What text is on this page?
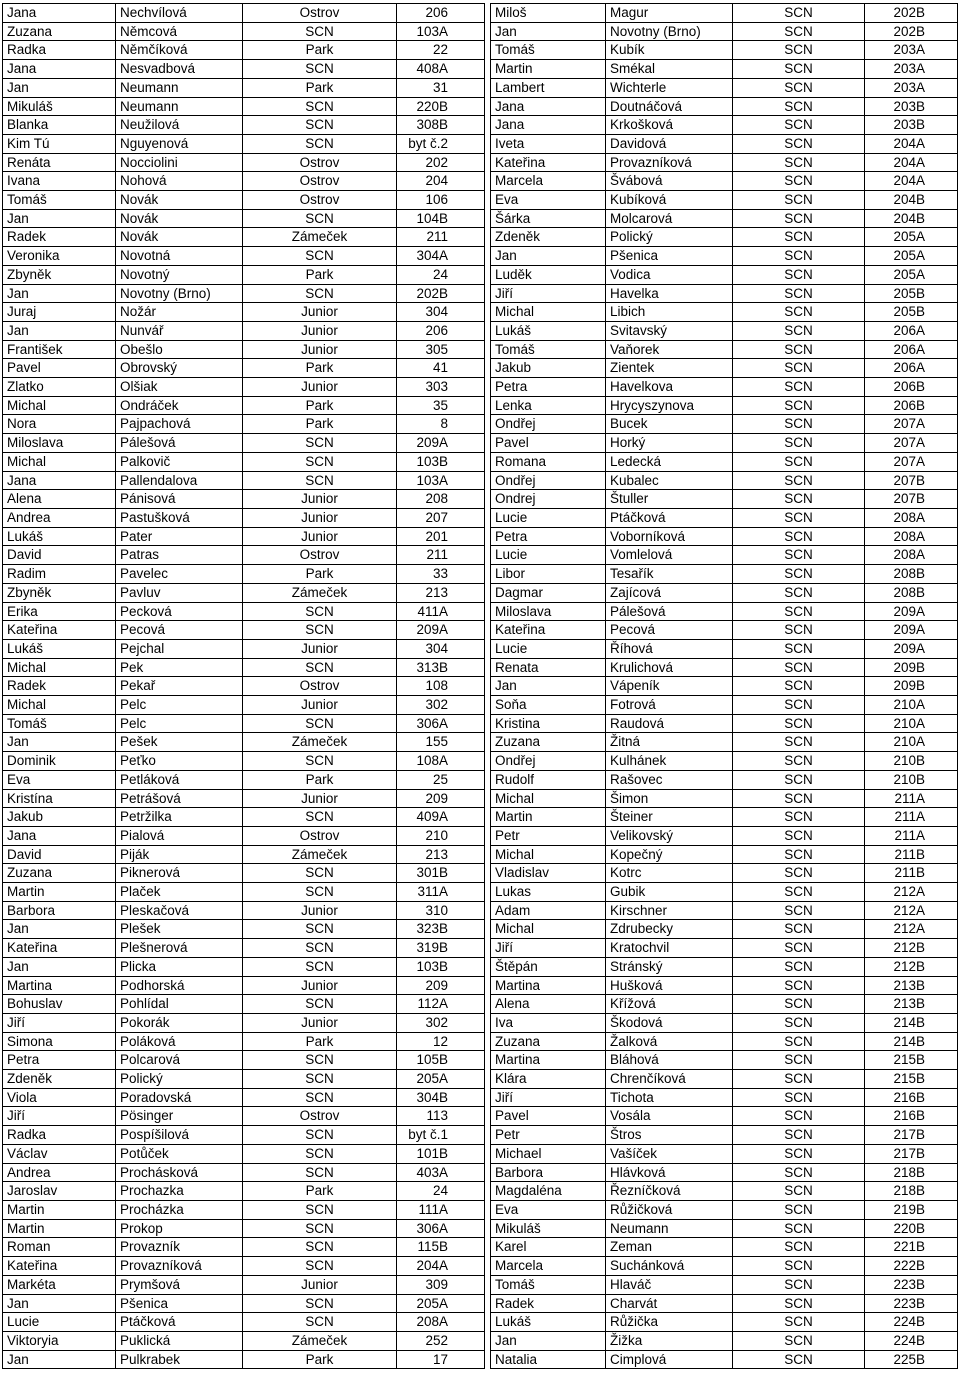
Jana	Nechvílová	Ostrov	206
Zuzana	Němcová	SCN	103A
Radka	Němčíková	Park	22
Jana	Nesvadbová	SCN	408A
Jan	Neumann	Park	31
Mikuláš	Neumann	SCN	220B
Blanka	Neužilová	SCN	308B
Kim Tú	Nguyenová	SCN	byt č.2
Renáta	Nocciolini	Ostrov	202
Ivana	Nohová	Ostrov	204
Tomáš	Novák	Ostrov	106
Jan	Novák	SCN	104B
Radek	Novák	Zámeček	211
Veronika	Novotná	SCN	304A
Zbyněk	Novotný	Park	24
Jan	Novotny (Brno)	SCN	202B
Juraj	Nožár	Junior	304
Jan	Nunvář	Junior	206
František	Obešlo	Junior	305
Pavel	Obrovský	Park	41
Zlatko	Olšiak	Junior	303
Michal	Ondráček	Park	35
Nora	Pajpachová	Park	8
Miloslava	Pálešová	SCN	209A
Michal	Palkovič	SCN	103B
Jana	Pallendalova	SCN	103A
Alena	Pánisová	Junior	208
Andrea	Pastušková	Junior	207
Lukáš	Pater	Junior	201
David	Patras	Ostrov	211
Radim	Pavelec	Park	33
Zbyněk	Pavluv	Zámeček	213
Erika	Pecková	SCN	411A
Kateřina	Pecová	SCN	209A
Lukáš	Pejchal	Junior	304
Michal	Pek	SCN	313B
Radek	Pekař	Ostrov	108
Michal	Pelc	Junior	302
Tomáš	Pelc	SCN	306A
Jan	Pešek	Zámeček	155
Dominik	Peťko	SCN	108A
Eva	Petláková	Park	25
Kristína	Petrášová	Junior	209
Jakub	Petržilka	SCN	409A
Jana	Pialová	Ostrov	210
David	Piják	Zámeček	213
Zuzana	Piknerová	SCN	301B
Martin	Plaček	SCN	311A
Barbora	Pleskačová	Junior	310
Jan	Plešek	SCN	323B
Kateřina	Plešnerová	SCN	319B
Jan	Plicka	SCN	103B
Martina	Podhorská	Junior	209
Bohuslav	Pohlídal	SCN	112A
Jiří	Pokorák	Junior	302
Simona	Poláková	Park	12
Petra	Polcarová	SCN	105B
Zdeněk	Polický	SCN	205A
Viola	Poradovská	SCN	304B
Jiří	Pösinger	Ostrov	113
Radka	Pospíšilová	SCN	byt č.1
Václav	Potůček	SCN	101B
Andrea	Prochásková	SCN	403A
Jaroslav	Prochazka	Park	24
Martin	Procházka	SCN	111A
Martin	Prokop	SCN	306A
Roman	Provazník	SCN	115B
Kateřina	Provazníková	SCN	204A
Markéta	Prymšová	Junior	309
Jan	Pšenica	SCN	205A
Lucie	Ptáčková	SCN	208A
Viktoryia	Puklická	Zámeček	252
Jan	Pulkrabek	Park	17
Miloš	Magur	SCN	202B
Jan	Novotny (Brno)	SCN	202B
Tomáš	Kubík	SCN	203A
Martin	Smékal	SCN	203A
Lambert	Wichterle	SCN	203A
Jana	Doutnáčová	SCN	203B
Jana	Krkošková	SCN	203B
Iveta	Davidová	SCN	204A
Kateřina	Provazníková	SCN	204A
Marcela	Švábová	SCN	204A
Eva	Kubíková	SCN	204B
Šárka	Molcarová	SCN	204B
Zdeněk	Polický	SCN	205A
Jan	Pšenica	SCN	205A
Luděk	Vodica	SCN	205A
Jiří	Havelka	SCN	205B
Michal	Libich	SCN	205B
Lukáš	Svitavský	SCN	206A
Tomáš	Vaňorek	SCN	206A
Jakub	Zientek	SCN	206A
Petra	Havelkova	SCN	206B
Lenka	Hrycyszynova	SCN	206B
Ondřej	Bucek	SCN	207A
Pavel	Horký	SCN	207A
Romana	Ledecká	SCN	207A
Ondřej	Kubalec	SCN	207B
Ondrej	Štuller	SCN	207B
Lucie	Ptáčková	SCN	208A
Petra	Voborníková	SCN	208A
Lucie	Vomlelová	SCN	208A
Libor	Tesařík	SCN	208B
Dagmar	Zajícová	SCN	208B
Miloslava	Pálešová	SCN	209A
Kateřina	Pecová	SCN	209A
Lucie	Říhová	SCN	209A
Renata	Krulichová	SCN	209B
Jan	Vápeník	SCN	209B
Soňa	Fotrová	SCN	210A
Kristina	Raudová	SCN	210A
Zuzana	Žitná	SCN	210A
Ondřej	Kulhánek	SCN	210B
Rudolf	Rašovec	SCN	210B
Michal	Šimon	SCN	211A
Martin	Šteiner	SCN	211A
Petr	Velikovský	SCN	211A
Michal	Kopečný	SCN	211B
Vladislav	Kotrc	SCN	211B
Lukas	Gubik	SCN	212A
Adam	Kirschner	SCN	212A
Michal	Zdrubecky	SCN	212A
Jiří	Kratochvil	SCN	212B
Štěpán	Stránský	SCN	212B
Martina	Hušková	SCN	213B
Alena	Křížová	SCN	213B
Iva	Škodová	SCN	214B
Zuzana	Žalková	SCN	214B
Martina	Bláhová	SCN	215B
Klára	Chrenčíková	SCN	215B
Jiří	Tichota	SCN	216B
Pavel	Vosála	SCN	216B
Petr	Štros	SCN	217B
Michael	Vašíček	SCN	217B
Barbora	Hlávková	SCN	218B
Magdaléna	Řezníčková	SCN	218B
Eva	Růžičková	SCN	219B
Mikuláš	Neumann	SCN	220B
Karel	Zeman	SCN	221B
Marcela	Suchánková	SCN	222B
Tomáš	Hlaváč	SCN	223B
Radek	Charvát	SCN	223B
Lukáš	Růžička	SCN	224B
Jan	Žižka	SCN	224B
Natalia	Cimplová	SCN	225B
